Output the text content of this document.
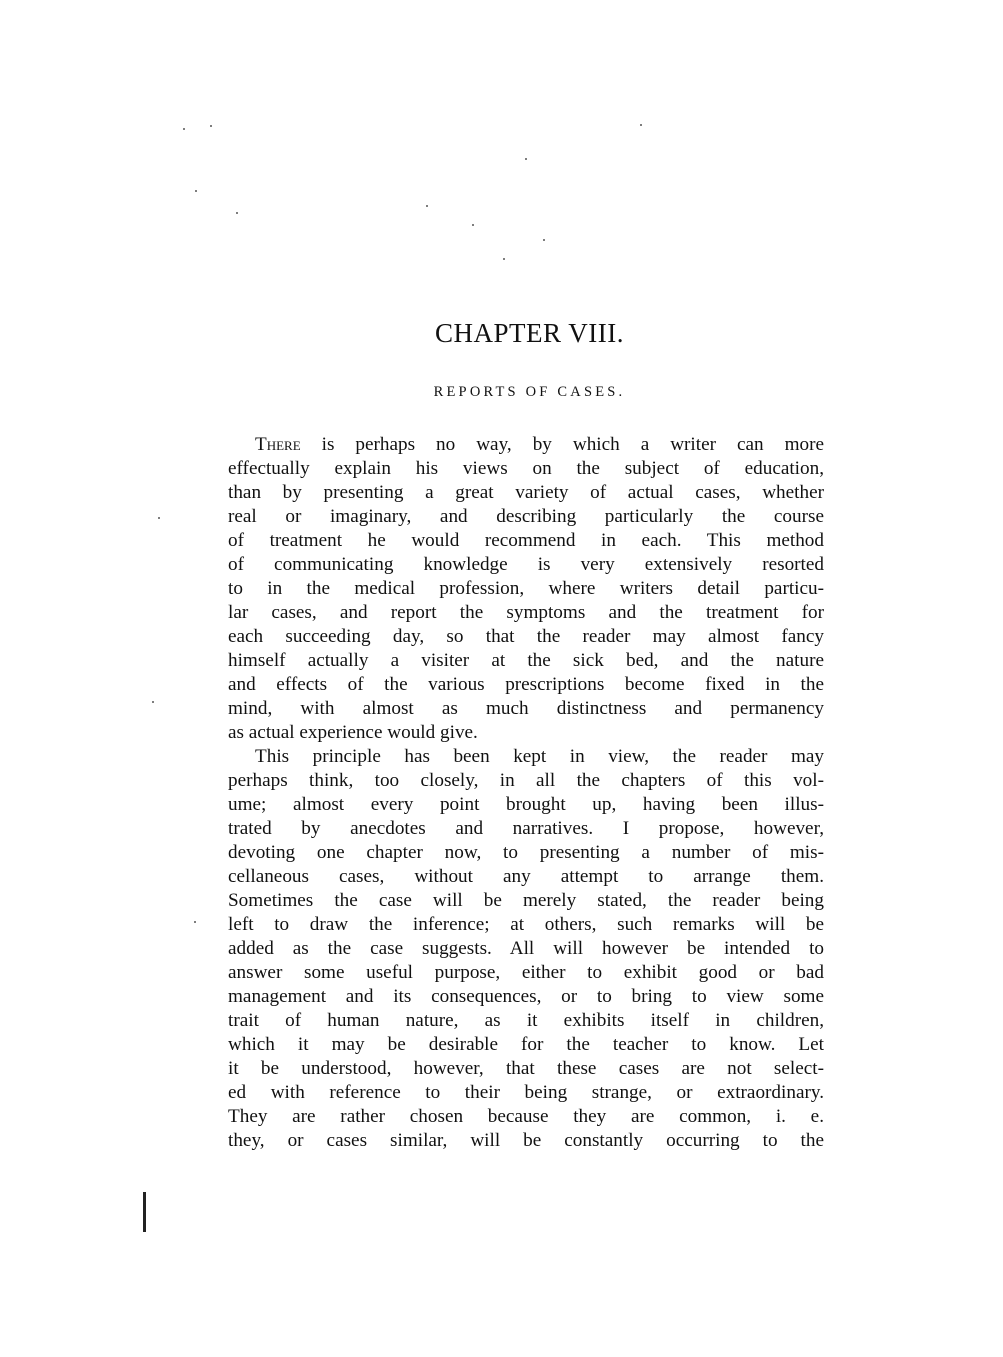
CHAPTER VIII.
REPORTS OF CASES.
There is perhaps no way, by which a writer can more
effectually explain his views on the subject of education,
than by presenting a great variety of actual cases, whether
real or imaginary, and describing particularly the course
of treatment he would recommend in each. This method
of communicating knowledge is very extensively resorted
to in the medical profession, where writers detail particu-
lar cases, and report the symptoms and the treatment for
each succeeding day, so that the reader may almost fancy
himself actually a visiter at the sick bed, and the nature
and effects of the various prescriptions become fixed in the
mind, with almost as much distinctness and permanency
as actual experience would give.
This principle has been kept in view, the reader may
perhaps think, too closely, in all the chapters of this vol-
ume; almost every point brought up, having been illus-
trated by anecdotes and narratives. I propose, however,
devoting one chapter now, to presenting a number of mis-
cellaneous cases, without any attempt to arrange them.
Sometimes the case will be merely stated, the reader being
left to draw the inference; at others, such remarks will be
added as the case suggests. All will however be intended to
answer some useful purpose, either to exhibit good or bad
management and its consequences, or to bring to view some
trait of human nature, as it exhibits itself in children,
which it may be desirable for the teacher to know. Let
it be understood, however, that these cases are not select-
ed with reference to their being strange, or extraordinary.
They are rather chosen because they are common, i. e.
they, or cases similar, will be constantly occurring to the
